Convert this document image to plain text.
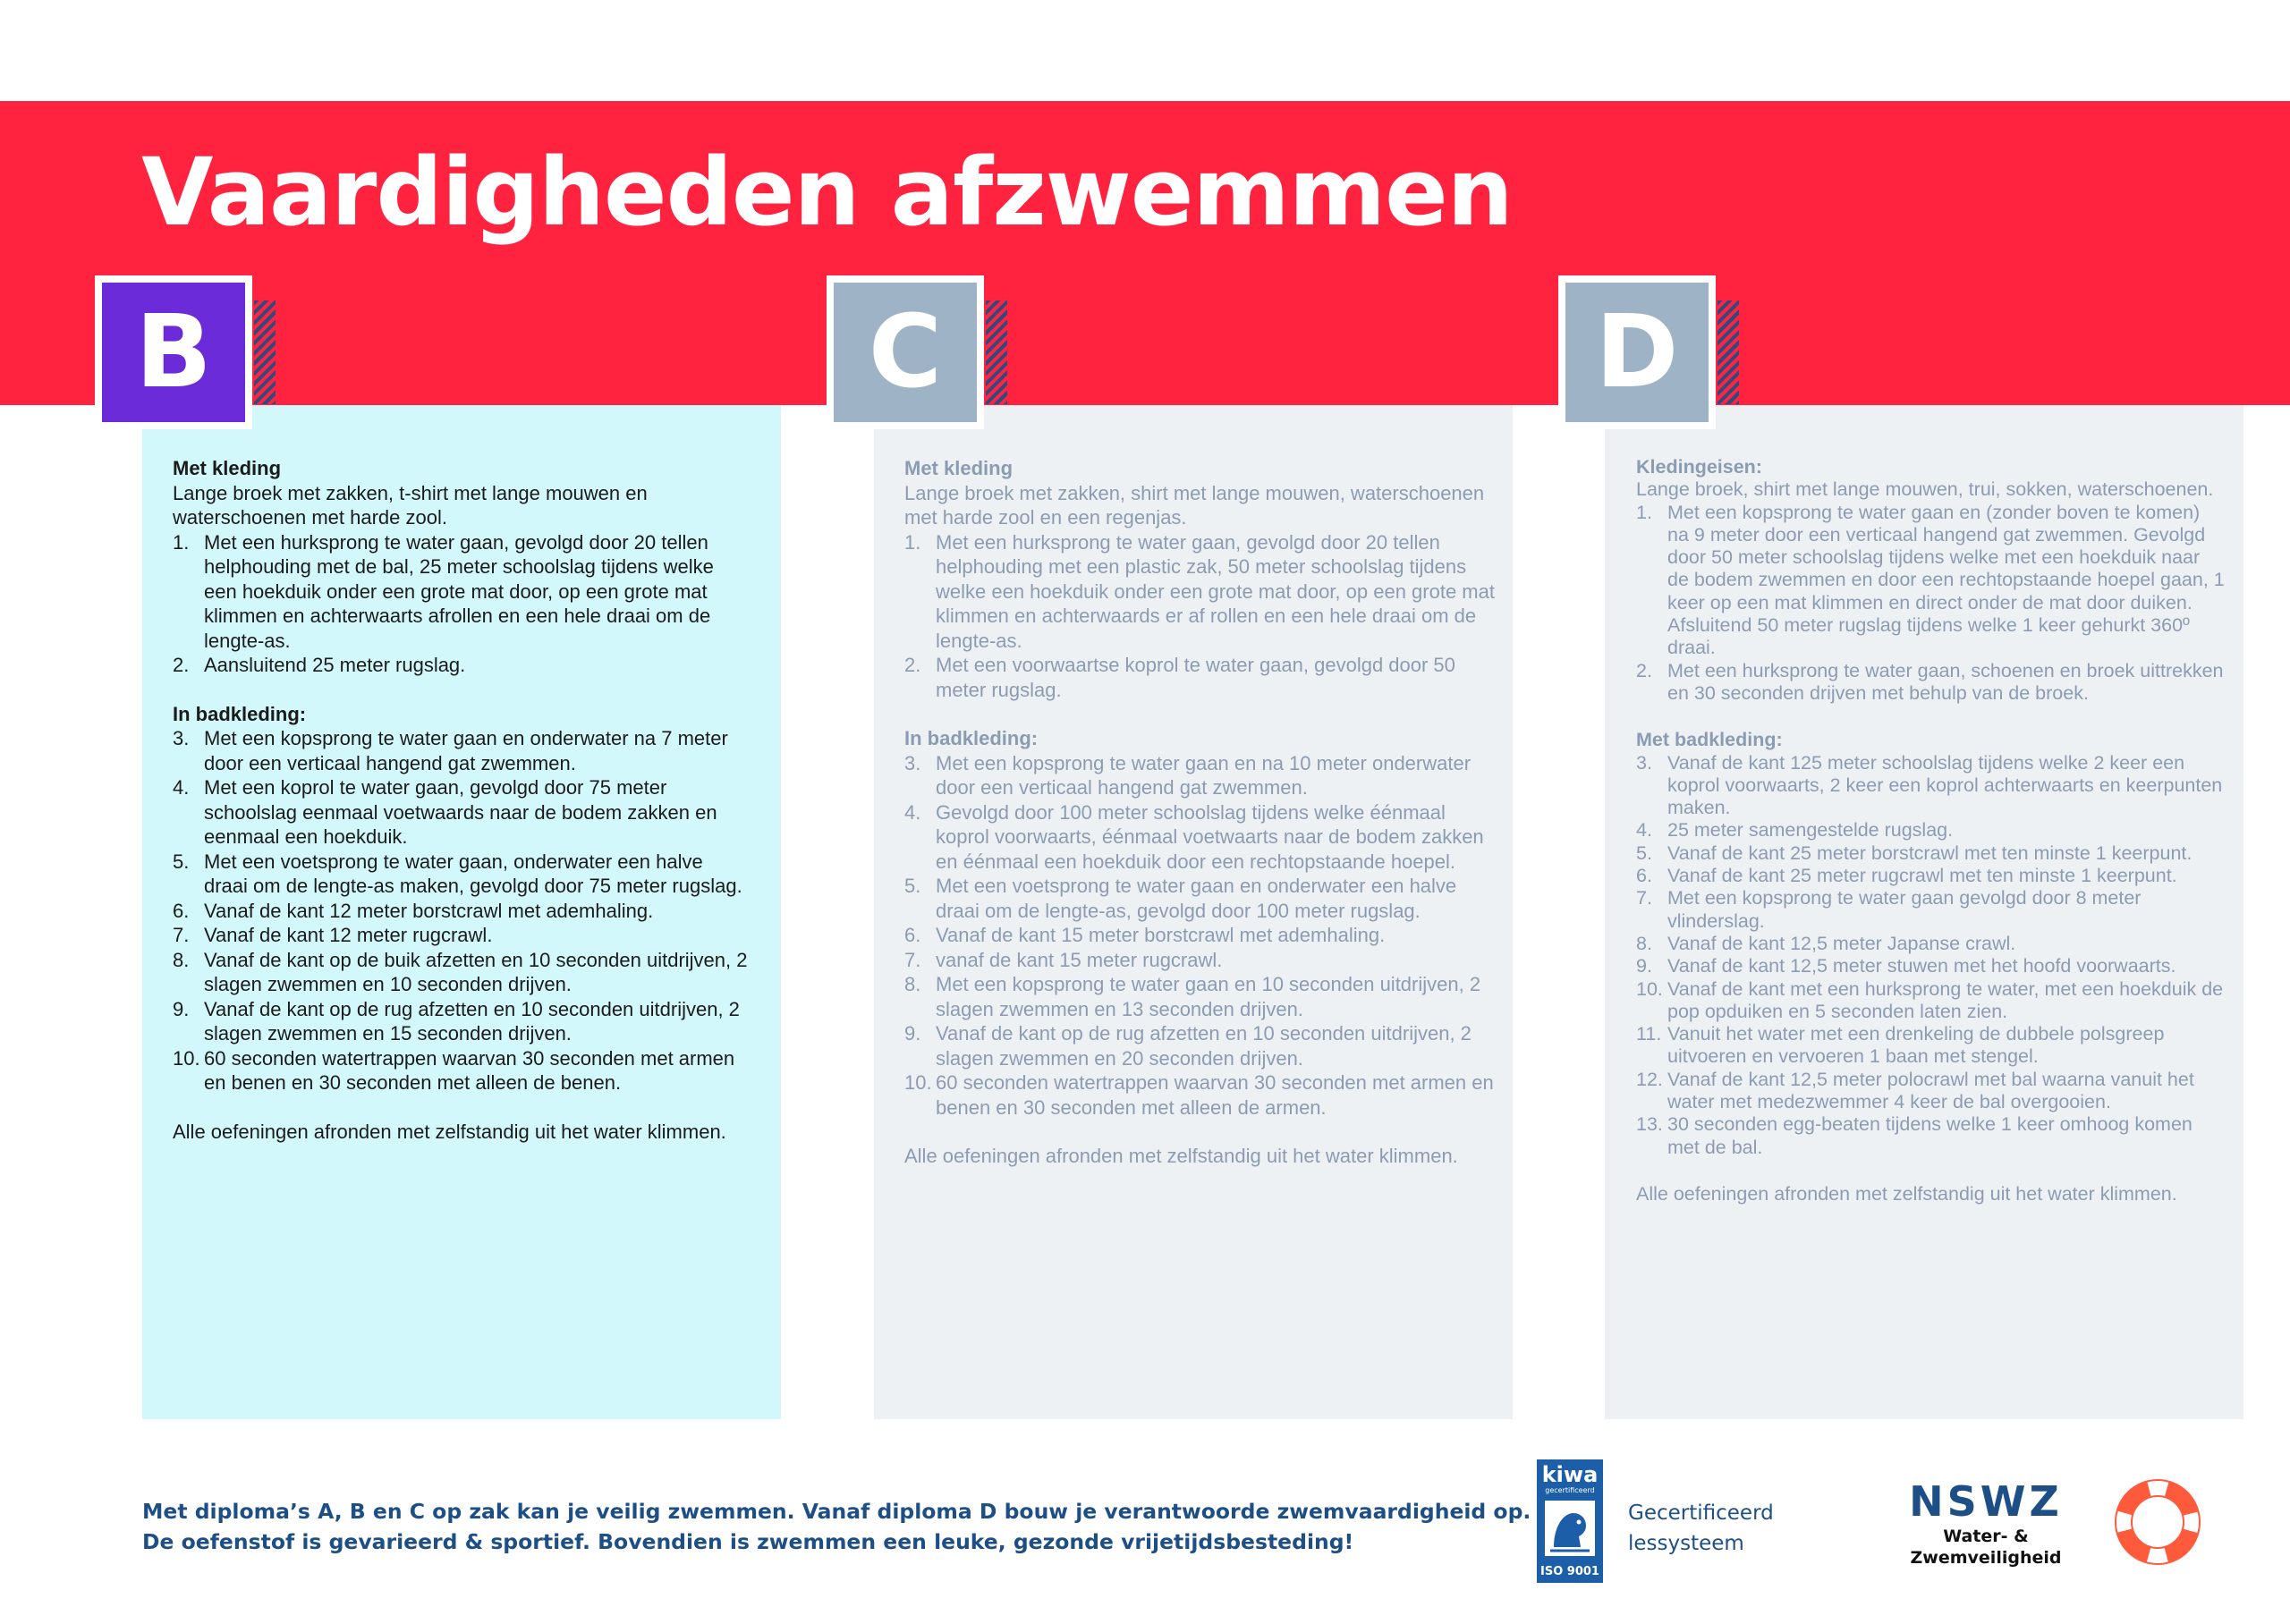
Vaardigheden afzwemmen
B	C	D
Met kleding

Lange broek met zakken, t-shirt met lange mouwen en waterschoenen met harde zool.

1. Met een hurksprong te water gaan, gevolgd door 20 tellen helphouding met de bal, 25 meter schoolslag tijdens welke een hoekduik onder een grote mat door, op een grote mat klimmen en achterwaarts afrollen en een hele draai om de lengte-as.
2. Aansluitend 25 meter rugslag.
In badkleding:
3. Met een kopsprong te water gaan en onderwater na 7 meter door een verticaal hangend gat zwemmen.
4. Met een koprol te water gaan, gevolgd door 75 meter schoolslag eenmaal voetwaards naar de bodem zakken en eenmaal een hoekduik.
5. Met een voetsprong te water gaan, onderwater een halve draai om de lengte-as maken, gevolgd door 75 meter rugslag.
6. Vanaf de kant 12 meter borstcrawl met ademhaling.
7. Vanaf de kant 12 meter rugcrawl.
8. Vanaf de kant op de buik afzetten en 10 seconden uitdrijven, 2 slagen zwemmen en 10 seconden drijven.
9. Vanaf de kant op de rug afzetten en 10 seconden uitdrijven, 2 slagen zwemmen en 15 seconden drijven.
10. 60 seconden watertrappen waarvan 30 seconden met armen en benen en 30 seconden met alleen de benen.

Alle oefeningen afronden met zelfstandig uit het water klimmen.

Met kleding

Lange broek met zakken, shirt met lange mouwen, waterschoenen met harde zool en een regenjas.

1. Met een hurksprong te water gaan, gevolgd door 20 tellen helphouding met een plastic zak, 50 meter schoolslag tijdens welke een hoekduik onder een grote mat door, op een grote mat klimmen en achterwaards er af rollen en een hele draai om de lengte-as.
2. Met een voorwaartse koprol te water gaan, gevolgd door 50 meter rugslag.
In badkleding:
3. Met een kopsprong te water gaan en na 10 meter onderwater door een verticaal hangend gat zwemmen.
4. Gevolgd door 100 meter schoolslag tijdens welke éénmaal koprol voorwaarts, éénmaal voetwaarts naar de bodem zakken en éénmaal een hoekduik door een rechtopstaande hoepel.
5. Met een voetsprong te water gaan en onderwater een halve draai om de lengte-as, gevolgd door 100 meter rugslag.
6. Vanaf de kant 15 meter borstcrawl met ademhaling.
7. vanaf de kant 15 meter rugcrawl.
8. Met een kopsprong te water gaan en 10 seconden uitdrijven, 2 slagen zwemmen en 13 seconden drijven.
9. Vanaf de kant op de rug afzetten en 10 seconden uitdrijven, 2 slagen zwemmen en 20 seconden drijven.
10. 60 seconden watertrappen waarvan 30 seconden met armen en benen en 30 seconden met alleen de armen.

Alle oefeningen afronden met zelfstandig uit het water klimmen.

Kledingeisen:

Lange broek, shirt met lange mouwen, trui, sokken, waterschoenen.

1. Met een kopsprong te water gaan en (zonder boven te komen) na 9 meter door een verticaal hangend gat zwemmen. Gevolgd door 50 meter schoolslag tijdens welke met een hoekduik naar de bodem zwemmen en door een rechtopstaande hoepel gaan, 1 keer op een mat klimmen en direct onder de mat door duiken. Afsluitend 50 meter rugslag tijdens welke 1 keer gehurkt 360º draai.
2. Met een hurksprong te water gaan, schoenen en broek uittrekken en 30 seconden drijven met behulp van de broek.
Met badkleding:
3. Vanaf de kant 125 meter schoolslag tijdens welke 2 keer een koprol voorwaarts, 2 keer een koprol achterwaarts en keerpunten maken.
4. 25 meter samengestelde rugslag.
5. Vanaf de kant 25 meter borstcrawl met ten minste 1 keerpunt.
6. Vanaf de kant 25 meter rugcrawl met ten minste 1 keerpunt.
7. Met een kopsprong te water gaan gevolgd door 8 meter vlinderslag.
8. Vanaf de kant 12,5 meter Japanse crawl.
9. Vanaf de kant 12,5 meter stuwen met het hoofd voorwaarts.
10. Vanaf de kant met een hurksprong te water, met een hoekduik de pop opduiken en 5 seconden laten zien.
11. Vanuit het water met een drenkeling de dubbele polsgreep uitvoeren en vervoeren 1 baan met stengel.
12. Vanaf de kant 12,5 meter polocrawl met bal waarna vanuit het water met medezwemmer 4 keer de bal overgooien.
13. 30 seconden egg-beaten tijdens welke 1 keer omhoog komen met de bal.

Alle oefeningen afronden met zelfstandig uit het water klimmen.

Met diploma’s A, B en C op zak kan je veilig zwemmen. Vanaf diploma D bouw je verantwoorde zwemvaardigheid op.
De oefenstof is gevarieerd & sportief. Bovendien is zwemmen een leuke, gezonde vrijetijdsbesteding!
kiwa
gecertificeerd
ISO 9001
Gecertificeerd
lessysteem
NSWZ
Water- & Zwemveiligheid
